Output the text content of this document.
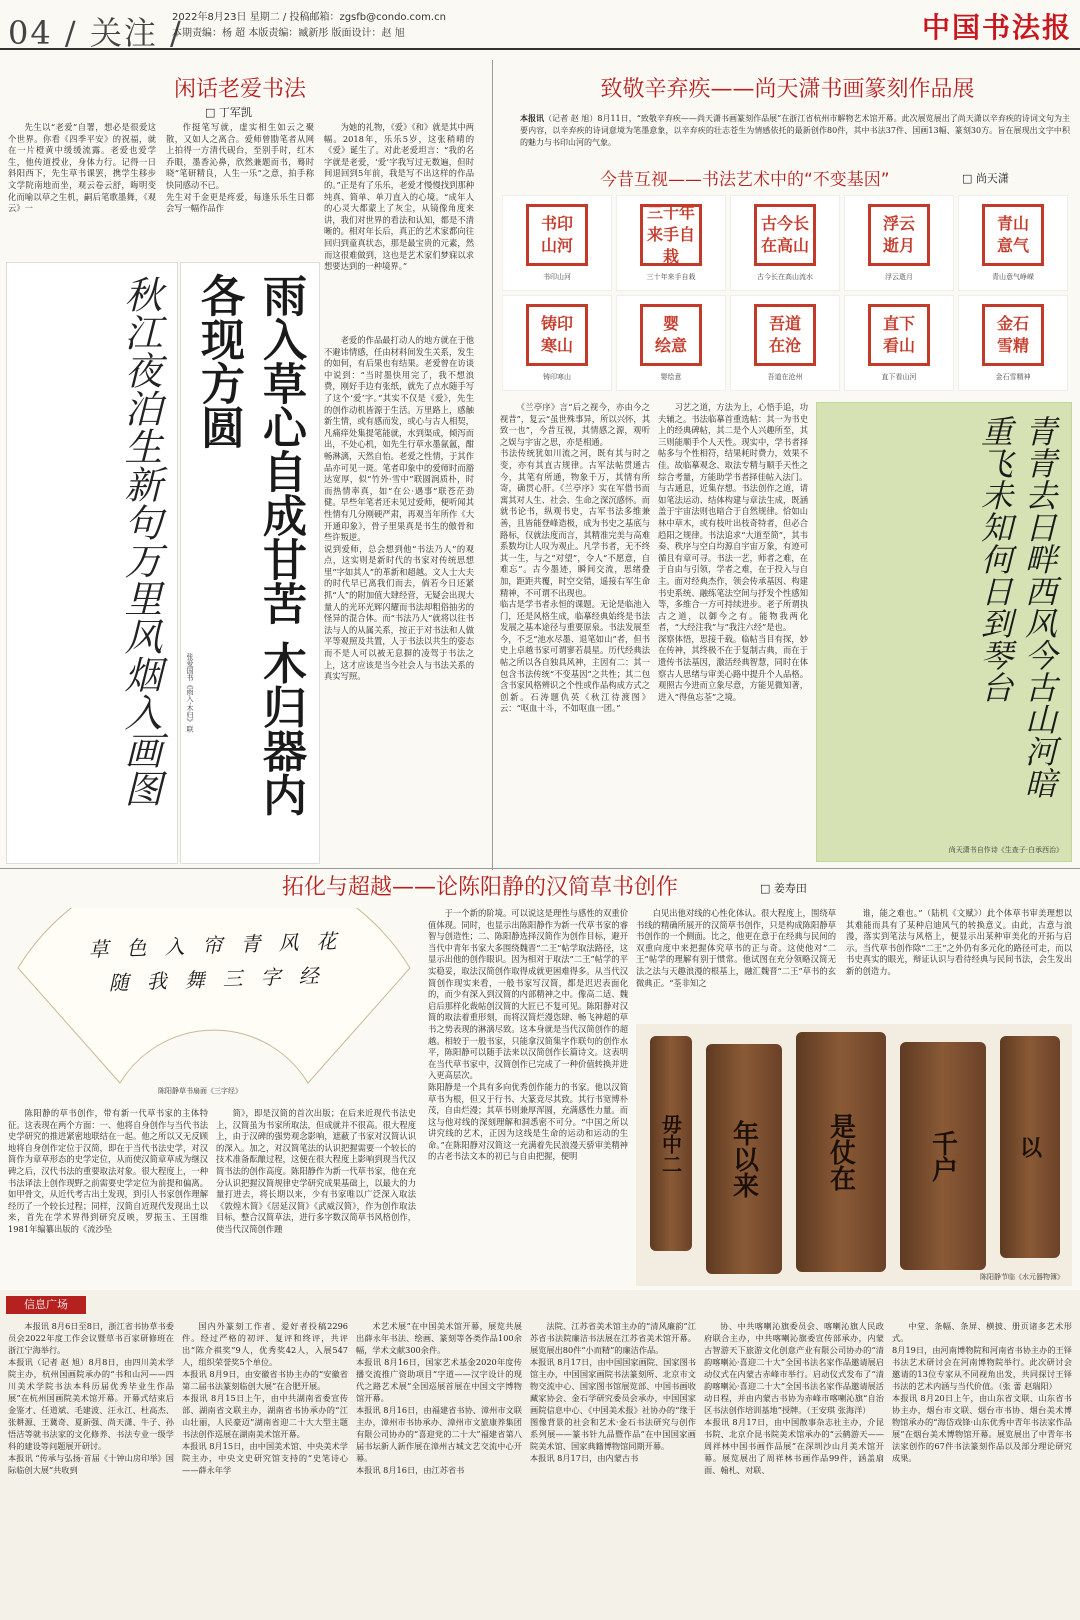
04 / 关注 /
2022年8月23日 星期二 / 投稿邮箱：zgsfb@condo.com.cn
本期责编：杨 超 本版责编：臧新彤 版面设计：赵 旭	中国书法报
闲话老爱书法
□ 丁军凯

先生以“老爱”自署，想必是很爱这个世界。你看《四季平安》的祝福，就在一片橙黄中缓缓流露。老爱也爱学生，他传道授业，身体力行。记得一日斜阳西下，先生草书课罢，携学生移步文学院南地而坐，观云卷云舒，晦明变化而喻以草之生机，嗣后笔歌墨舞，《观云》一

作挺笔写就，虚实相生如云之聚散，又如人之离合。爱师曾勖笔者从网上拍得一方清代砚台，至别手时，红木乔眼，墨香沁鼻，欣然兼题而书，蓦时晓“笔研精良，人生一乐”之意，拍手称快同感动不已。
先生对千金更是疼爱，每逢乐乐生日都会写一幅作品作

为她的礼物，《爱》《和》就是其中两幅。2018年，乐乐5岁，这张稍晴的《爱》诞生了。对此老爱坦言：“我的名字就是老爱，‘爱’字我写过无数遍，但时间退回到5年前，我是写不出这样的作品的。”正是有了乐乐，老爱才慢慢找到那种纯真、简单、单刀直入的心境。“成年人的心灵大都蒙上了灰尘，从镜像角度来讲，我们对世界的看法和认知，都是不清晰的。相对年长后，真正的艺术家都向往回归到童真状态，那是最宝贵的元素，然而这很难做到，这也是艺术家们梦寐以求想要达到的一种境界。”

老爱的作品最打动人的地方就在于他不避讳情感，任由材料间发生关系，发生的如何，有后果也有结果。老爱曾在访谈中说到：“当时墨快用完了，我不想浪费，刚好手边有张纸，就先了点水随手写了这个‘爱’字。”其实不仅是《爱》，先生的创作动机皆源于生活。万里路上，感触新生情，或有感而发，或心与古人相契，凡痛痒处集提笔能就，水到渠成，倾泻而出，不处心机，如先生行草水墨氤氲，酣畅淋漓，天然自怡。老爱之性情，于其作品亦可见一斑。笔者印象中的爱师时而豁达宽厚，似“竹外·雪中”联圆润质朴，时而热情率真，如“在公·遇事”联苍茫劲健。早些年笔者还未见过爱师，便听闻其性情有几分刚硬严肃，再观当年所作《大开通印象》，骨子里果真是书生的傲骨和些许叛逆。
说到爱师，总会想到他“书法乃人”的观点，这实则是新时代的书家对传统思想里“字如其人”的革新和超越。文人士大夫的时代早已离我们而去，倘若今日还紧抓“人”的附加值大肆经营，无疑会出现大量人的光环光辉闪耀而书法却粗俗抽劣的怪异的混合体。而“书法乃人”就将以往书法与人的从属关系，按正于对书法和人做平等观照及共置，人于书法以共生的姿态而不是人可以被无息摒的凌驾于书法之上，这才应该是当今社会人与书法关系的真实写照。

秋江夜泊生新句万里风烟入画图	雨入草心自成甘苦 木归器内各现方圆
张爱国书《雨入·木归》联
致敬辛弃疾——尚天潇书画篆刻作品展
本报讯（记者 赵 旭）8月11日，“致敬辛弃疾——尚天潇书画篆刻作品展”在浙江省杭州市解物艺术馆开幕。此次展览展出了尚天潇以辛弃疾的诗词文句为主要内容，以辛弃疾的诗词意境为笔墨意象，以辛弃疾的壮志苍生为情感依托的最新创作80件，其中书法37件、国画13幅、篆刻30方。旨在展现出文字中积的魅力与书印山河的气象。
今昔互视——书法艺术中的“不变基因”	□ 尚天潇
书印
山河
书印山河
三十年
来手自栽
三十年来手自栽
古今长
在高山
古今长在高山流水
浮云
逝月
浮云逝月
青山
意气
青山意气峥嵘
铸印
寒山
铸印寒山
婴
绘意
婴绘意
吾道
在沧
吾道在沧州
直下
看山
直下看山河
金石
雪精
金石雪精神

《兰亭序》言“后之视今，亦由今之视昔”，复云“虽世殊事异，所以兴怀，其致一也”，今昔互视，其情感之源，观听之娱与宇宙之思，亦是相通。
书法传统犹如川流之河，既有其与时之变，亦有其直古规律。古军法帖贯通古今，其笔有所通，物象千万，其情有所寄，确贯心肝。《兰亭序》实在军借书而寓其对人生、社会、生命之深沉感怀。而就书论书，纵观书史，古军书法多维兼善，且皆能登峰造极，成为书史之基底与路标，仅就法度而言，其精准完美与高难系数均让人叹为观止。凡学书者，无不终其一生，与之“对望”，令人“不愿意，自难忘”。古今墨迹，瞬间交流，思绪叠加，距距共覆，时空交错，遥接右军生命精神，不可谓不出现也。
临古是学书者永恒的课题。无论是临池入门，还是风格生成，临摹经典始终是书法发展之基本途径与重要原泉。书法发展至今，不乏“池水尽墨、退笔如山”者，但书史上卓越书家可谓寥若晨星。历代经典法帖之所以各自独具风神，主因有二：其一包含书法传统“不变基因”之共性；其二包含书家风格辨识之个性或作品构成方式之创新。石涛题仇英《秋江待渡图》云：“呕血十斗，不如呕血一团。”

习艺之道，方法为上，心悟手追，功夫辅之。书法临摹首重选帖：其一为书史上的经典碑帖，其二是个人兴趣所至，其三则能顺手个人天性。现实中，学书者择帖多与个性相符，结果耗时费力，效果不佳。故临摹观念、取法专精与顺手天性之综合考量，方能助学书者择佳帖入法门。
与古通息，近集存想。书法创作之道，请如笔法运动、结体构建与章法生成，既涵盖于宇宙法则也暗合于自然规律。恰如山林中草木，或有枝叶出枝奇特者，但必合趋阳之规律。书法追求“大道至简”，其韦奏、秩序与空白均源自宇宙万象，有迹可循且有章可寻。书法一艺，师者之难，在于自由与引领，学者之难，在于投入与自主。面对经典杰作，领会传承基因、构建书史系统、融练笔法空间与抒发个性感知等，多维合一方可持续进步。老子所谓执古之道，以御今之有。能物我两化者，“大经注我”与“我注六经”是也。
深察体悟，思接千载。临帖当目有探，妙在传神，其终极不在于复制古典，而在于遗传书法基因，激活经典智慧，同时在体察古人思绪与审美心路中提升个人品格。观照古今进而立象尽意，方能见微知著，进入“得鱼忘荃”之境。	青青去日畔西风今古山河暗重飞未知何日到琴台
尚天潇书自作诗《生查子·白承西治》
拓化与超越——论陈阳静的汉简草书创作	□ 姜寿田
草色入帘青风花随我舞三字经
陈阳静草书扇面《三字经》

陈阳静的草书创作，带有新一代草书家的主体特征。这表现在两个方面：一、他将自身创作与当代书法史学研究的推进紧密地联结在一起。他之所以又无反顾地将自身创作定位于汉简，即在于当代书法史学，对汉简作为章草形态的史学定位，从而使汉简章草成为继汉碑之后，汉代书法的重要取法对象。很大程度上，一种书法译法上创作现野之前需要史学定位为前提和偏离。如甲骨文，从近代考古出土发现，到引人书家创作理解经历了一个较长过程；同样，汉简自近现代发现出土以来，首先在学术界得到研究反映，罗振玉、王国维1981年编纂出版的《流沙坠

简》，即是汉简的首次出版；在后来近现代书法史上，汉简虽为书家所取法，但成就并不很高。很大程度上，由于汉碑的强势观念影响，遮蔽了书家对汉简认识的深入。加之，对汉简笔法的认识把握需要一个较长的技术准备酝酿过程，这便在很大程度上影响到现当代汉简书法的创作高度。陈阳静作为新一代草书家，他在充分认识把握汉简规律史学研究成果基础上，以最大的力量打进去，将长期以来，少有书家唯以广泛深入取法《敦煌木简》《居延汉简》《武威汉简》，作为创作取法目标，整合汉简草法，进行多字数汉简草书风格创作，使当代汉简创作踵

于一个新的阶境。可以说这是理性与感性的双重价值体现。同时，也显示出陈阳静作为新一代草书家的睿智与创造性；二、陈阳静选择汉简作为创作目标，避开当代中青年书家大多围绕魏晋“二王”帖学取法路径，这显示出他的创作眼识。因为相对于取法“二王”帖学的平实稳妥，取法汉简创作取得成就更困难得多。从当代汉简创作现实来看，一般书家写汉简，都是迟迟表面化的，而少有深入到汉简的内部精神之中。像高二适、魏启后那样化裁帖创汉简的大匠已不复可见。陈阳静对汉简的取法着重形刻，而将汉简烂漫恣肆、畅飞神超的草书之势表现的淋漓尽致。这本身就是当代汉简创作的超越。相较于一般书家，只能拿汉简集字作联句的创作水平，陈阳静可以随手法来以汉简创作长篇诗文。这表明在当代草书家中，汉简创作已完成了一种价值转换并进入更高层次。
陈阳静是一个具有多向优秀创作能力的书家。他以汉简草书为根，但又于行书、大篆竞尽其致。其行书宽博朴茂，自由烂漫；其草书则兼厚浑圆，充满感性力量。而这与他对线的深刻理解和洞悉密不可分。“中国之所以讲究线的艺术，正因为这线是生命的运动和运动的生命。”在陈阳静对汉简这一充满着先民浪漫天骄审美精神的古老书法文本的初已与自由把握，便明

白见出他对线的心性化体认。很大程度上，围绕草书线的精确所展开的汉简草书创作，只是构成陈阳静草书创作的一个侧面。比之，他更在意于在经典与民间的双重向度中来把握体究草书的正与奇。这使他对“二王”帖学的理解有别于惯常。他试图在充分领略汉简无法之法与天趣浪漫的根基上，融汇魏晋“二王”草书的玄微典正。“荃非知之

谁，能之难也。”（陆机《文赋》）此个体草书审美理想以其难能而具有了某种启迪风气的转换意义。由此，古意与浪漫，落实到笔法与风格上，便显示出某种审美化的开拓与启示。当代草书创作除“二王”之外仍有多元化的路径可走，而以书史真实的眼光，辩证认识与看待经典与民间书法，会生发出新的创造力。

毋中二	年以来	是仗在	千户	以
陈阳静节临《水元器物簿》
信息广场

本报讯 8月6日至8日，浙江省书协草书委员会2022年度工作会议暨草书百家研修班在浙江宁海举行。
本报讯（记者 赵 旭）8月8日，由四川美术学院主办，杭州国画院承办的“书和山河——四川美术学院书法本科历届优秀毕业生作品展”在杭州国画院美术馆开幕。开幕式结束后金鉴才、任道斌、毛建波、汪永江、杜高杰、张耕源、王冀奇、夏新强、尚天潇、牛子、孙悟洁等就书法家的文化修养、书法专业一级学科的建设等问题展开研讨。
本报讯 “传承与弘扬·首届《十钟山房印举》国际临创大展”共收到

国内外篆刻工作者、爱好者投稿2296件。经过严格的初评、复评和终评，共评出“陈介祺奖”9人，优秀奖42人，入展547人，组织荣誉奖5个单位。
本报讯 8月9日，由安徽省书协主办的“安徽省第二届书法篆刻临创大展”在合肥开展。
本报讯 8月15日上午，由中共湖南省委宣传部、湖南省文联主办，湖南省书协承办的“江山壮丽，人民豪迈”湖南省迎二十大大型主题书法创作巡展在湖南美术馆开幕。
本报讯 8月15日，由中国美术馆、中央美术学院主办，中央文史研究馆支持的“史笔诗心——薛永年学

术艺术展”在中国美术馆开幕，展览共展出薛永年书法、绘画、篆刻等各类作品100余幅，学术文献300余件。
本报讯 8月16日，国家艺术基金2020年度传播交流推广资助项目“字道——汉字设计的现代之路艺术展”全国巡展首展在中国文字博物馆开幕。
本报讯 8月16日，由福建省书协、漳州市文联主办，漳州市书协承办、漳州市文旅康养集团有限公司协办的“喜迎党的二十大”福建省第八届书坛新人新作展在漳州古城文艺交流中心开幕。
本报讯 8月16日，由江苏省书

法院、江苏省美术馆主办的“清风廉韵”江苏省书法院廉洁书法展在江苏省美术馆开幕。展览展出80件“小而精”的廉洁作品。
本报讯 8月17日，由中国国家画院、国家图书馆主办，中国国家画院书法篆刻所、北京市文物交流中心、国家图书馆展览部、中国书画收藏家协会、金石学研究委员会承办，中国国家画院信息中心、《中国美术报》社协办的“缘于图像背景的社会和艺术·金石书法研究与创作系列展——篆书针九品暨作品”在中国国家画院美术馆、国家典籍博物馆同期开幕。
本报讯 8月17日，由内蒙古书

协、中共喀喇沁旗委员会、喀喇沁旗人民政府联合主办，中共喀喇沁旗委宣传部承办，内蒙古智游天下旅游文化创意产业有限公司协办的“清韵喀喇沁·喜迎二十大”全国书法名家作品邀请展启动仪式在内蒙古赤峰市举行。启动仪式发布了“清韵喀喇沁·喜迎二十大”全国书法名家作品邀请展活动日程，并由内蒙古书协为赤峰市喀喇沁旗“自治区书法创作培训基地”授牌。（王安琪 张海洋）
本报讯 8月17日，由中国散事杂志社主办，介昆书院、北京介昆书院美术馆承办的“云鹤游天——周祥林中国书画作品展”在深圳沙山月美术馆开幕。展览展出了周祥林书画作品99件，涵盖扇面、翰札、对联、

中堂、条幅、条屏、横披、册页诸多艺术形式。
8月19日，由河南博物院和河南省书协主办的王铎书法艺术研讨会在河南博物院举行。此次研讨会邀请的13位专家从不同视角出发，共同探讨王铎书法的艺术内涵与当代价值。（张 蕾 赵瑞阳）
本报讯 8月20日上午，由山东省文联、山东省书协主办，烟台市文联、烟台市书协、烟台美术博物馆承办的“海岱戏锋·山东优秀中青年书法家作品展”在烟台美术博物馆开幕。展览展出了中青年书法家创作的67件书法篆刻作品以及部分理论研究成果。
